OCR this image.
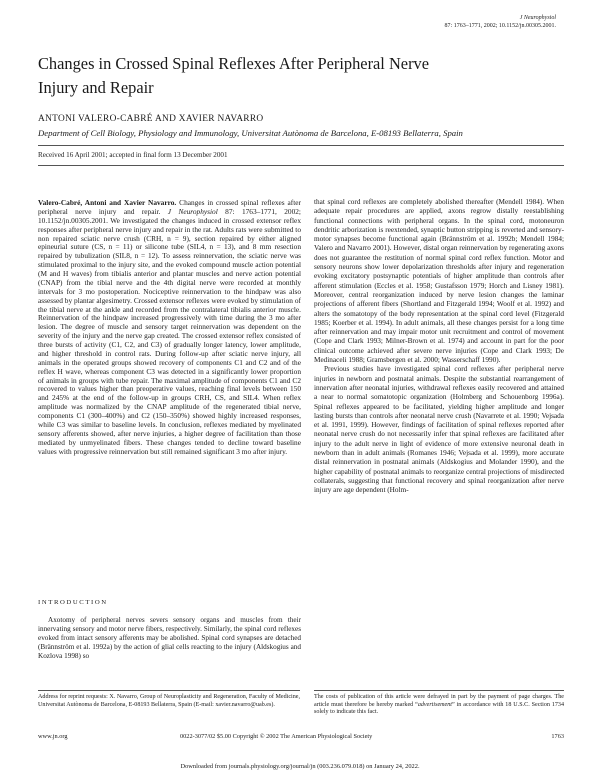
J Neurophysiol
87: 1763–1771, 2002; 10.1152/jn.00305.2001.
Changes in Crossed Spinal Reflexes After Peripheral Nerve
Injury and Repair
ANTONI VALERO-CABRÉ AND XAVIER NAVARRO
Department of Cell Biology, Physiology and Immunology, Universitat Autònoma de Barcelona, E-08193 Bellaterra, Spain
Received 16 April 2001; accepted in final form 13 December 2001

Valero-Cabré, Antoni and Xavier Navarro. Changes in crossed spinal reflexes after peripheral nerve injury and repair. J Neurophysiol 87: 1763–1771, 2002; 10.1152/jn.00305.2001. We investigated the changes induced in crossed extensor reflex responses after peripheral nerve injury and repair in the rat. Adults rats were submitted to non repaired sciatic nerve crush (CRH, n = 9), section repaired by either aligned epineurial suture (CS, n = 11) or silicone tube (SIL4, n = 13), and 8 mm resection repaired by tubulization (SIL8, n = 12). To assess reinnervation, the sciatic nerve was stimulated proximal to the injury site, and the evoked compound muscle action potential (M and H waves) from tibialis anterior and plantar muscles and nerve action potential (CNAP) from the tibial nerve and the 4th digital nerve were recorded at monthly intervals for 3 mo postoperation. Nociceptive reinnervation to the hindpaw was also assessed by plantar algesimetry. Crossed extensor reflexes were evoked by stimulation of the tibial nerve at the ankle and recorded from the contralateral tibialis anterior muscle. Reinnervation of the hindpaw increased progressively with time during the 3 mo after lesion. The degree of muscle and sensory target reinnervation was dependent on the severity of the injury and the nerve gap created. The crossed extensor reflex consisted of three bursts of activity (C1, C2, and C3) of gradually longer latency, lower amplitude, and higher threshold in control rats. During follow-up after sciatic nerve injury, all animals in the operated groups showed recovery of components C1 and C2 and of the reflex H wave, whereas component C3 was detected in a significantly lower proportion of animals in groups with tube repair. The maximal amplitude of components C1 and C2 recovered to values higher than preoperative values, reaching final levels between 150 and 245% at the end of the follow-up in groups CRH, CS, and SIL4. When reflex amplitude was normalized by the CNAP amplitude of the regenerated tibial nerve, components C1 (300–400%) and C2 (150–350%) showed highly increased responses, while C3 was similar to baseline levels. In conclusion, reflexes mediated by myelinated sensory afferents showed, after nerve injuries, a higher degree of facilitation than those mediated by unmyelinated fibers. These changes tended to decline toward baseline values with progressive reinnervation but still remained significant 3 mo after injury.

INTRODUCTION

Axotomy of peripheral nerves severs sensory organs and muscles from their innervating sensory and motor nerve fibers, respectively. Similarly, the spinal cord reflexes evoked from intact sensory afferents may be abolished. Spinal cord synapses are detached (Brännström et al. 1992a) by the action of glial cells reacting to the injury (Aldskogius and Kozlova 1998) so

that spinal cord reflexes are completely abolished thereafter (Mendell 1984). When adequate repair procedures are applied, axons regrow distally reestablishing functional connections with peripheral organs. In the spinal cord, motoneuron dendritic arborization is reextended, synaptic button stripping is reverted and sensory-motor synapses become functional again (Brännström et al. 1992b; Mendell 1984; Valero and Navarro 2001). However, distal organ reinnervation by regenerating axons does not guarantee the restitution of normal spinal cord reflex function. Motor and sensory neurons show lower depolarization thresholds after injury and regeneration evoking excitatory postsynaptic potentials of higher amplitude than controls after afferent stimulation (Eccles et al. 1958; Gustafsson 1979; Horch and Lisney 1981). Moreover, central reorganization induced by nerve lesion changes the laminar projections of afferent fibers (Shortland and Fitzgerald 1994; Woolf et al. 1992) and alters the somatotopy of the body representation at the spinal cord level (Fitzgerald 1985; Koerber et al. 1994). In adult animals, all these changes persist for a long time after reinnervation and may impair motor unit recruitment and control of movement (Cope and Clark 1993; Milner-Brown et al. 1974) and account in part for the poor clinical outcome achieved after severe nerve injuries (Cope and Clark 1993; De Medinaceli 1988; Gramsbergen et al. 2000; Wasserschaff 1990).

Previous studies have investigated spinal cord reflexes after peripheral nerve injuries in newborn and postnatal animals. Despite the substantial rearrangement of innervation after neonatal injuries, withdrawal reflexes easily recovered and attained a near to normal somatotopic organization (Holmberg and Schouenborg 1996a). Spinal reflexes appeared to be facilitated, yielding higher amplitude and longer lasting bursts than controls after neonatal nerve crush (Navarrete et al. 1990; Vejsada et al. 1991, 1999). However, findings of facilitation of spinal reflexes reported after neonatal nerve crush do not necessarily infer that spinal reflexes are facilitated after injury to the adult nerve in light of evidence of more extensive neuronal death in newborn than in adult animals (Romanes 1946; Vejsada et al. 1999), more accurate distal reinnervation in postnatal animals (Aldskogius and Molander 1990), and the higher capability of postnatal animals to reorganize central projections of misdirected collaterals, suggesting that functional recovery and spinal reorganization after nerve injury are age dependent (Holm-

Address for reprint requests: X. Navarro, Group of Neuroplasticity and Regeneration, Faculty of Medicine, Universitat Autònoma de Barcelona, E-08193 Bellaterra, Spain (E-mail: xavier.navarro@uab.es).
The costs of publication of this article were defrayed in part by the payment of page charges. The article must therefore be hereby marked “advertisement” in accordance with 18 U.S.C. Section 1734 solely to indicate this fact.
www.jn.org	0022-3077/02 $5.00 Copyright © 2002 The American Physiological Society	1763
Downloaded from journals.physiology.org/journal/jn (003.236.079.018) on January 24, 2022.
